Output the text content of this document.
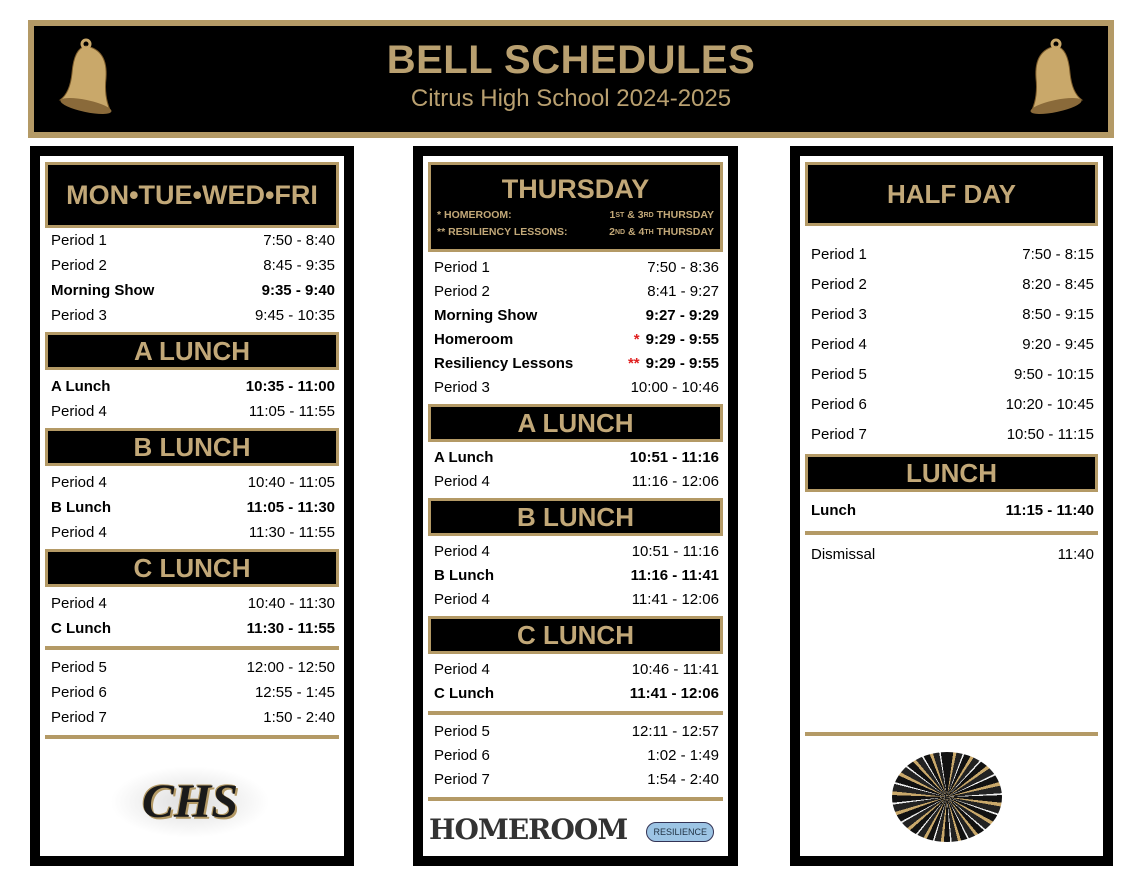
BELL SCHEDULES
Citrus High School 2024-2025
MON•TUE•WED•FRI
Period 1	7:50 - 8:40
Period 2	8:45 - 9:35
Morning Show	9:35 - 9:40
Period 3	9:45 - 10:35
A LUNCH
A Lunch	10:35 - 11:00
Period 4	11:05 - 11:55
B LUNCH
Period 4	10:40 - 11:05
B Lunch	11:05 - 11:30
Period 4	11:30 - 11:55
C LUNCH
Period 4	10:40 - 11:30
C Lunch	11:30 - 11:55
Period 5	12:00 - 12:50
Period 6	12:55 - 1:45
Period 7	1:50 - 2:40
CHS
THURSDAY
* HOMEROOM:	1ST & 3RD THURSDAY
** RESILIENCY LESSONS:	2ND & 4TH THURSDAY
Period 1	7:50 - 8:36
Period 2	8:41 - 9:27
Morning Show	9:27 - 9:29
Homeroom	* 9:29 - 9:55
Resiliency Lessons	** 9:29 - 9:55
Period 3	10:00 - 10:46
A LUNCH
A Lunch	10:51 - 11:16
Period 4	11:16 - 12:06
B LUNCH
Period 4	10:51 - 11:16
B Lunch	11:16 - 11:41
Period 4	11:41 - 12:06
C LUNCH
Period 4	10:46 - 11:41
C Lunch	11:41 - 12:06
Period 5	12:11 - 12:57
Period 6	1:02 - 1:49
Period 7	1:54 - 2:40
HOMEROOM	RESILIENCE
HALF DAY
Period 1	7:50 - 8:15
Period 2	8:20 - 8:45
Period 3	8:50 - 9:15
Period 4	9:20 - 9:45
Period 5	9:50 - 10:15
Period 6	10:20 - 10:45
Period 7	10:50 - 11:15
LUNCH
Lunch	11:15 - 11:40
Dismissal	11:40
